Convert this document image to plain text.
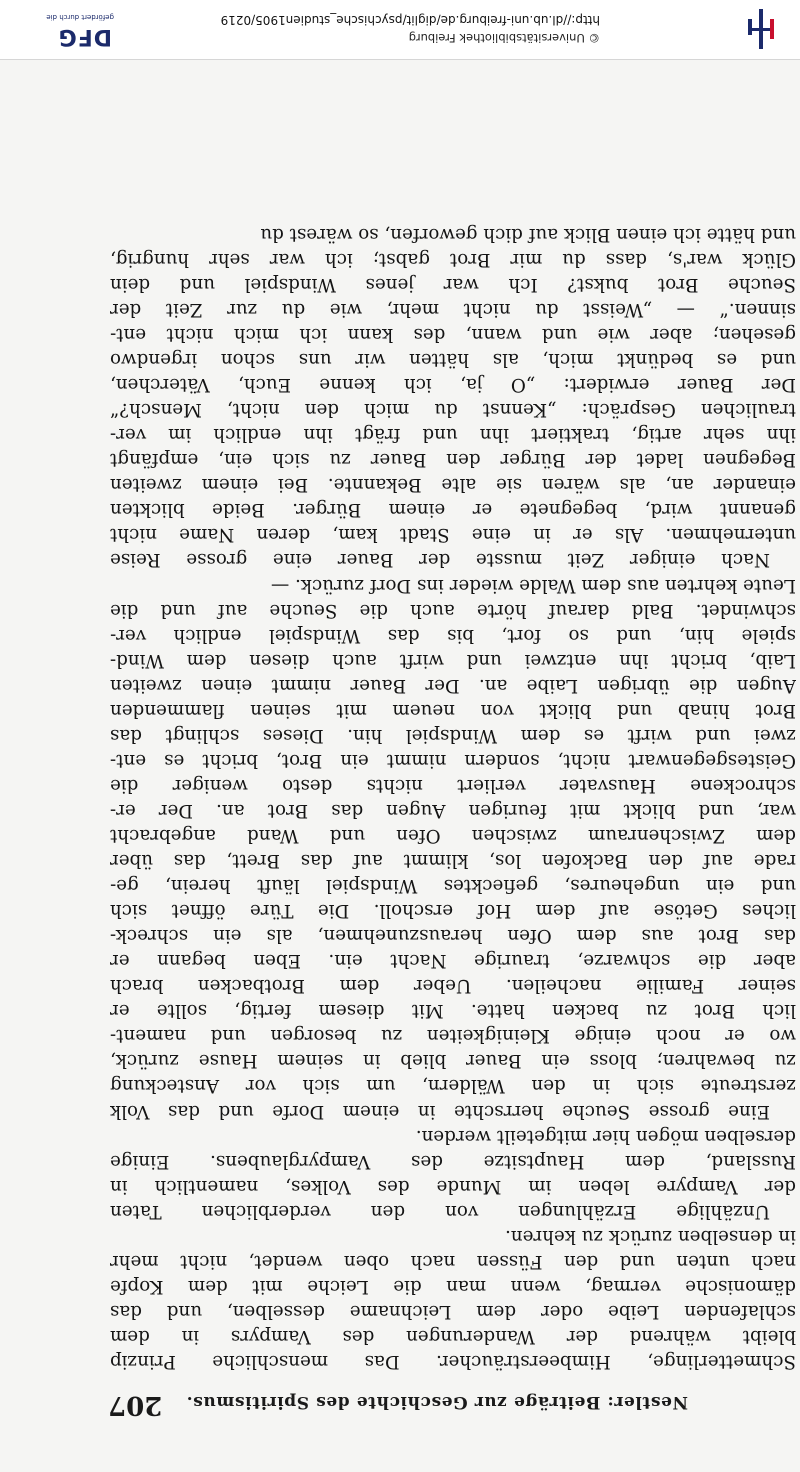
Nestler: Beiträge zur Geschichte des Spiritismus.
207
Schmetterlinge, Himbeersträucher. Das menschliche Prinzip
bleibt während der Wanderungen des Vampyrs in dem
schlafenden Leibe oder dem Leichname desselben, und das
dämonische vermag, wenn man die Leiche mit dem Kopfe
nach unten und den Füssen nach oben wendet, nicht mehr
in denselben zurück zu kehren.
Unzählige Erzählungen von den verderblichen Taten
der Vampyre leben im Munde des Volkes, namentlich in
Russland, dem Hauptsitze des Vampyrglaubens. Einige
derselben mögen hier mitgeteilt werden.
Eine grosse Seuche herrschte in einem Dorfe und das Volk
zerstreute sich in den Wäldern, um sich vor Ansteckung
zu bewahren; bloss ein Bauer blieb in seinem Hause zurück,
wo er noch einige Kleinigkeiten zu besorgen und nament-
lich Brot zu backen hatte. Mit diesem fertig, sollte er
seiner Familie nacheilen. Ueber dem Brotbacken brach
aber die schwarze, traurige Nacht ein. Eben begann er
das Brot aus dem Ofen herauszunehmen, als ein schreck-
liches Getöse auf dem Hof erscholl. Die Türe öffnet sich
und ein ungeheures, gefiecktes Windspiel läuft herein, ge-
rade auf den Backofen los, klimmt auf das Brett, das über
dem Zwischenraum zwischen Ofen und Wand angebracht
war, und blickt mit feurigen Augen das Brot an. Der er-
schrockene Hausvater verliert nichts desto weniger die
Geistesgegenwart nicht, sondern nimmt ein Brot, bricht es ent-
zwei und wirft es dem Windspiel hin. Dieses schlingt das
Brot hinab und blickt von neuem mit seinen flammenden
Augen die übrigen Laibe an. Der Bauer nimmt einen zweiten
Laib, bricht ihn entzwei und wirft auch diesen dem Wind-
spiele hin, und so fort, bis das Windspiel endlich ver-
schwindet. Bald darauf hörte auch die Seuche auf und die
Leute kehrten aus dem Walde wieder ins Dorf zurück. —
Nach einiger Zeit musste der Bauer eine grosse Reise
unternehmen. Als er in eine Stadt kam, deren Name nicht
genannt wird, begegnete er einem Bürger. Beide blickten
einander an, als wären sie alte Bekannte. Bei einem zweiten
Begegnen ladet der Bürger den Bauer zu sich ein, empfängt
ihn sehr artig, traktiert ihn und frägt ihn endlich im ver-
traulichen Gespräch: „Kennst du mich den nicht, Mensch?“
Der Bauer erwidert: „O ja, ich kenne Euch, Väterchen,
und es bedünkt mich, als hätten wir uns schon irgendwo
gesehen; aber wie und wann, des kann ich mich nicht ent-
sinnen.“ — „Weisst du nicht mehr, wie du zur Zeit der
Seuche Brot bukst? Ich war jenes Windspiel und dein
Glück war's, dass du mir Brot gabst; ich war sehr hungrig,
und hätte ich einen Blick auf dich geworfen, so wärest du
© Universitätsbibliothek Freiburg
http://dl.ub.uni-freiburg.de/diglit/psychische_studien1905/0219
DFG
gefördert durch die
